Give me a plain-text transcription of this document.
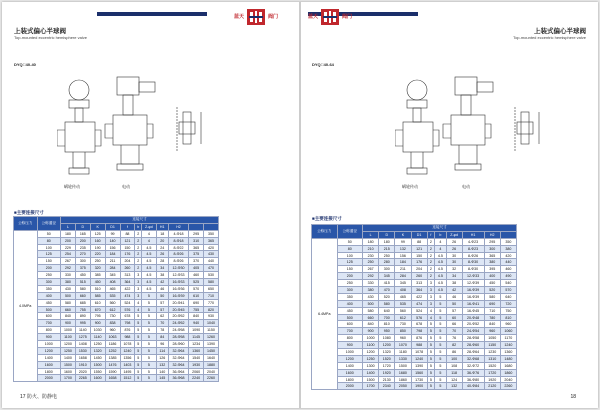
上装式偏心半球阀
Top-mounted eccentric hemisphere valve
蓝天	阀门
DYQ⃣40-40
蜗轮传动	电动
■主要连接尺寸
公称压力	公称通径	连接尺寸										
		L	D	K	D1	f	b	Z-φd	H1	H2		
4.0MPa	50	180	165	125	99	88	2	4	18	4-Φ18	295	350
	80	200	200	160	140	121	2	4	20	8-Φ18	310	365
	100	229	235	190	156	150	2	4.5	24	8-Φ22	365	420
	125	254	270	220	184	176	2	4.5	26	8-Φ26	375	430
	150	267	300	250	211	204	2	4.5	28	8-Φ26	370	440
	200	292	375	320	284	260	2	4.5	34	12-Φ30	405	470
	250	330	450	385	345	313	3	4.5	38	12-Φ33	460	530
	300	380	515	450	408	364	3	4.5	42	16-Φ33	525	580
	350	430	580	510	465	422	3	4.5	46	16-Φ36	570	650
	400	500	660	585	535	474	3	5	50	16-Φ39	610	710
	450	580	685	610	560	524	4	5	57	20-Φ41	690	770
	500	660	755	670	612	576	4	5	57	20-Φ45	755	820
	600	840	890	795	730	678	5	5	62	20-Φ52	840	930
	700	900	995	900	838	798	5	5	70	24-Φ52	940	1040
	800	1000	1140	1030	960	876	5	5	78	24-Φ58	1090	1150
	900	1100	1275	1140	1063	988	5	5	84	28-Φ58	1145	1260
	1000	1200	1408	1250	1186	1078	5	5	96	28-Φ60	1234	1390
	1200	1250	1530	1320	1252	1240	5	5	114	32-Φ64	1360	1450
	1400	1400	1658	1450	1385	1356	5	5	126	32-Φ64	1540	1640
	1600	1500	1910	1500	1476	1403	5	5	132	32-Φ64	1930	1880
	1800	1600	2020	1550	1590	1495	5	5	140	36-Φ64	2060	2040
	2000	1700	2265	1600	1658	1512	5	5	145	36-Φ68	2240	2260
17 防火、防静电
上装式偏心半球阀
Top-mounted eccentric hemisphere valve
蓝天	阀门
DYQ⃣40-64
蜗轮传动	电动
■主要连接尺寸
公称压力	公称通径	连接尺寸									
		L	D	K	D1	f	b	Z-φd	H1	H2	
6.4MPa	50	180	180	99	88	2	4	26	4-Φ23	295	350
	80	210	215	132	121	2	4	26	8-Φ23	300	380
	100	230	250	156	150	2	4.5	30	8-Φ26	365	420
	125	250	280	184	176	2	4.5	30	8-Φ30	380	440
	150	267	300	211	204	2	4.5	32	8-Φ30	395	460
	200	292	345	284	260	2	4.5	34	12-Φ33	400	490
	250	330	415	345	313	3	4.5	38	12-Φ39	450	540
	300	380	470	408	364	3	4.5	42	16-Φ39	520	570
	350	430	520	465	422	3	5	46	16-Φ39	580	640
	400	500	580	535	474	3	5	50	16-Φ41	690	720
	450	580	640	560	524	4	5	57	16-Φ45	710	750
	500	660	700	612	576	4	5	60	20-Φ48	780	810
	600	840	810	730	678	5	5	66	20-Φ52	840	960
	700	900	950	850	798	5	5	70	24-Φ54	960	1060
	800	1000	1080	960	876	5	5	76	28-Φ58	1050	1170
	900	1100	1200	1070	988	5	5	82	28-Φ60	1150	1240
	1000	1200	1320	1180	1078	5	5	86	28-Φ64	1230	1360
	1200	1250	1520	1330	1240	5	5	100	32-Φ68	1310	1480
	1400	1300	1720	1500	1390	5	5	108	32-Φ72	1520	1680
	1600	1400	1920	1680	1560	5	5	118	36-Φ76	1720	1860
	1800	1500	2130	1860	1730	5	5	124	36-Φ80	1920	2040
	2000	1700	2340	2050	1900	5	5	132	40-Φ84	2120	2260
18
